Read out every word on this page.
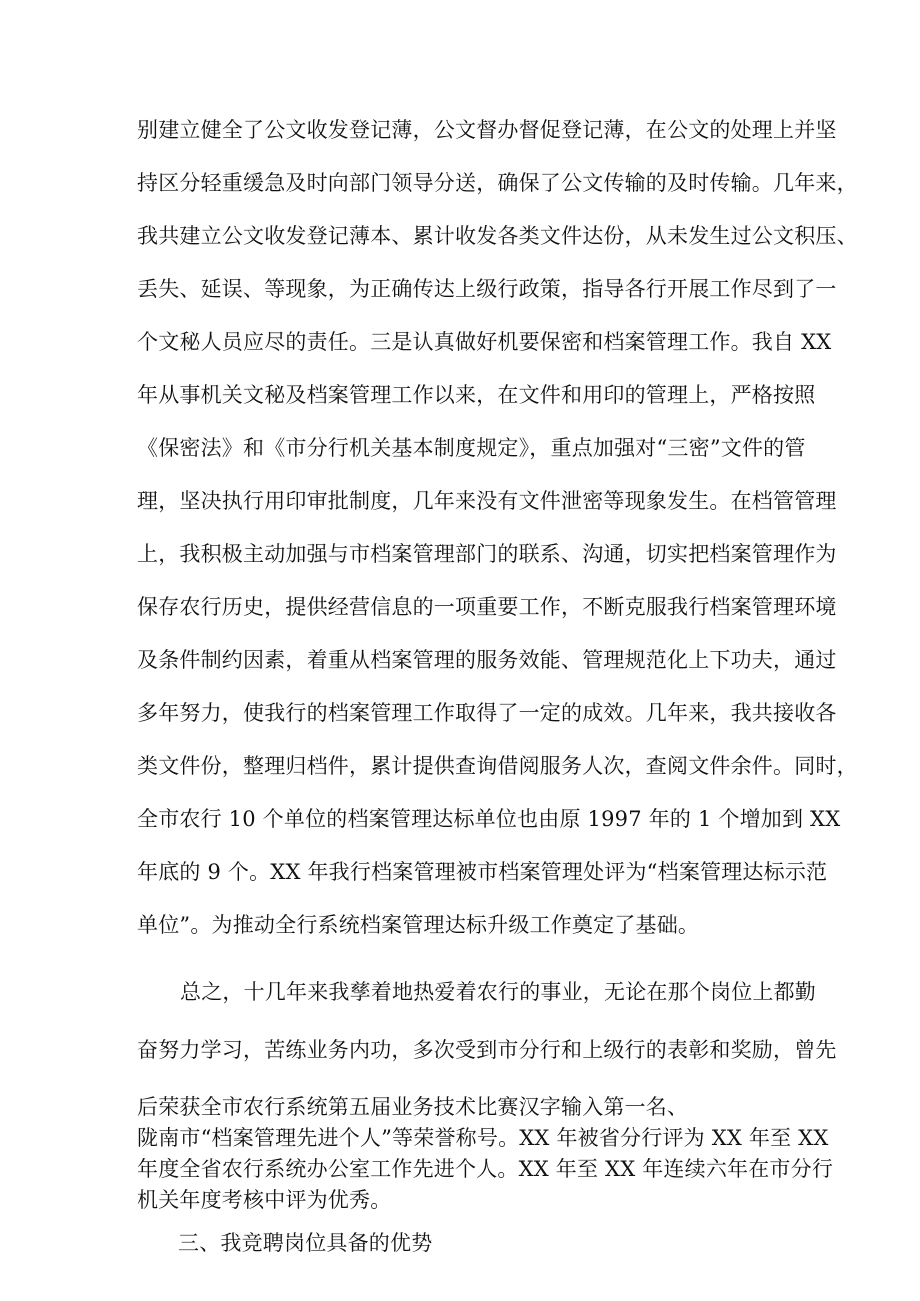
别建立健全了公文收发登记薄，公文督办督促登记薄，在公文的处理上并坚
持区分轻重缓急及时向部门领导分送，确保了公文传输的及时传输。几年来，
我共建立公文收发登记薄本、累计收发各类文件达份，从未发生过公文积压、
丢失、延误、等现象，为正确传达上级行政策，指导各行开展工作尽到了一
个文秘人员应尽的责任。三是认真做好机要保密和档案管理工作。我自 XX
年从事机关文秘及档案管理工作以来，在文件和用印的管理上，严格按照
《保密法》和《市分行机关基本制度规定》，重点加强对“三密”文件的管
理，坚决执行用印审批制度，几年来没有文件泄密等现象发生。在档管管理
上，我积极主动加强与市档案管理部门的联系、沟通，切实把档案管理作为
保存农行历史，提供经营信息的一项重要工作，不断克服我行档案管理环境
及条件制约因素，着重从档案管理的服务效能、管理规范化上下功夫，通过
多年努力，使我行的档案管理工作取得了一定的成效。几年来，我共接收各
类文件份，整理归档件，累计提供查询借阅服务人次，查阅文件余件。同时，
全市农行 10 个单位的档案管理达标单位也由原 1997 年的 1 个增加到 XX
年底的 9 个。XX 年我行档案管理被市档案管理处评为“档案管理达标示范
单位”。为推动全行系统档案管理达标升级工作奠定了基础。
总之，十几年来我孳着地热爱着农行的事业，无论在那个岗位上都勤
奋努力学习，苦练业务内功，多次受到市分行和上级行的表彰和奖励，曾先
后荣获全市农行系统第五届业务技术比赛汉字输入第一名、
陇南市“档案管理先进个人”等荣誉称号。XX 年被省分行评为 XX 年至 XX
年度全省农行系统办公室工作先进个人。XX 年至 XX 年连续六年在市分行
机关年度考核中评为优秀。
三、我竞聘岗位具备的优势
